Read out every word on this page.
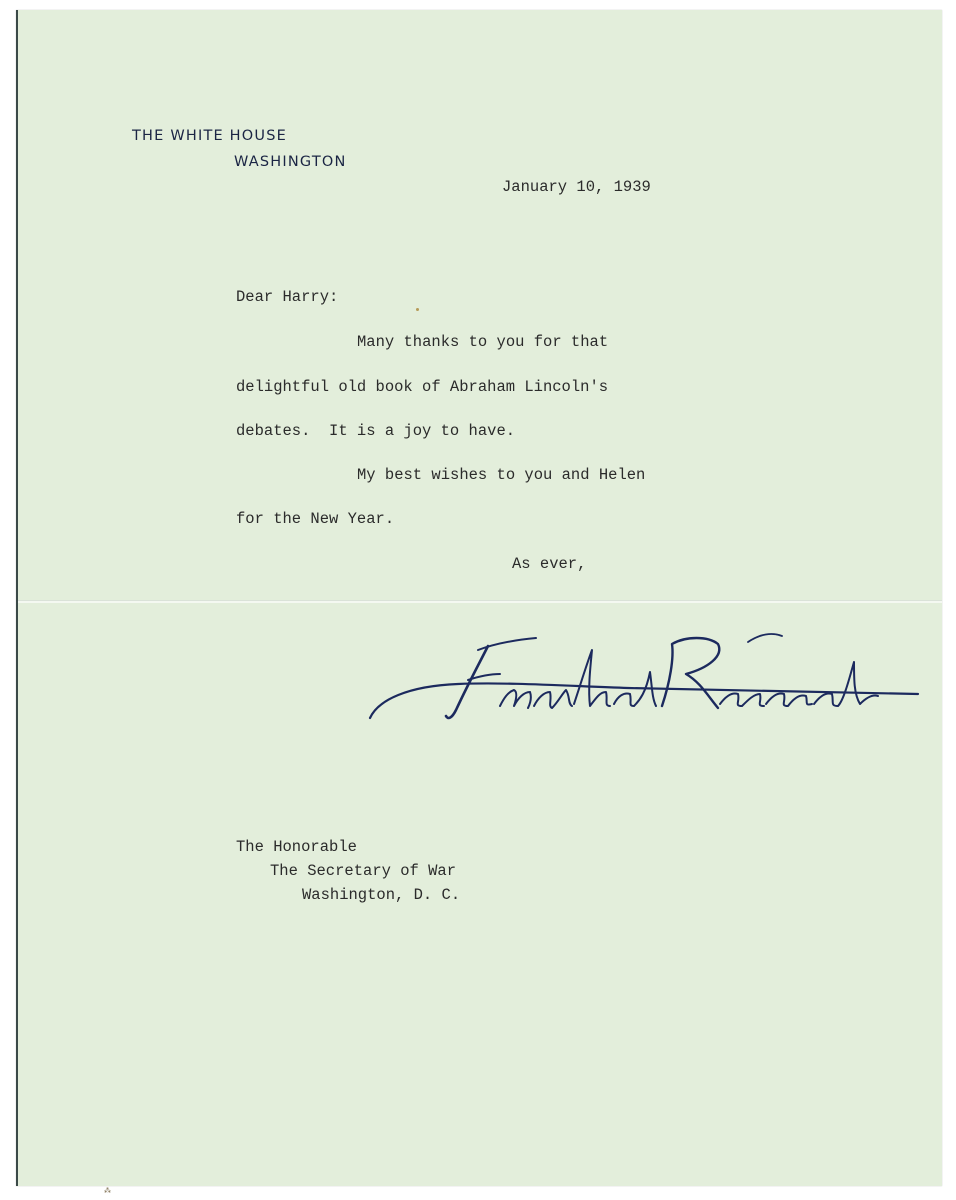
THE WHITE HOUSE
WASHINGTON
January 10, 1939
Dear Harry:
Many thanks to you for that
delightful old book of Abraham Lincoln's
debates.  It is a joy to have.
My best wishes to you and Helen
for the New Year.
As ever,
The Honorable
The Secretary of War
Washington, D. C.
⁂
